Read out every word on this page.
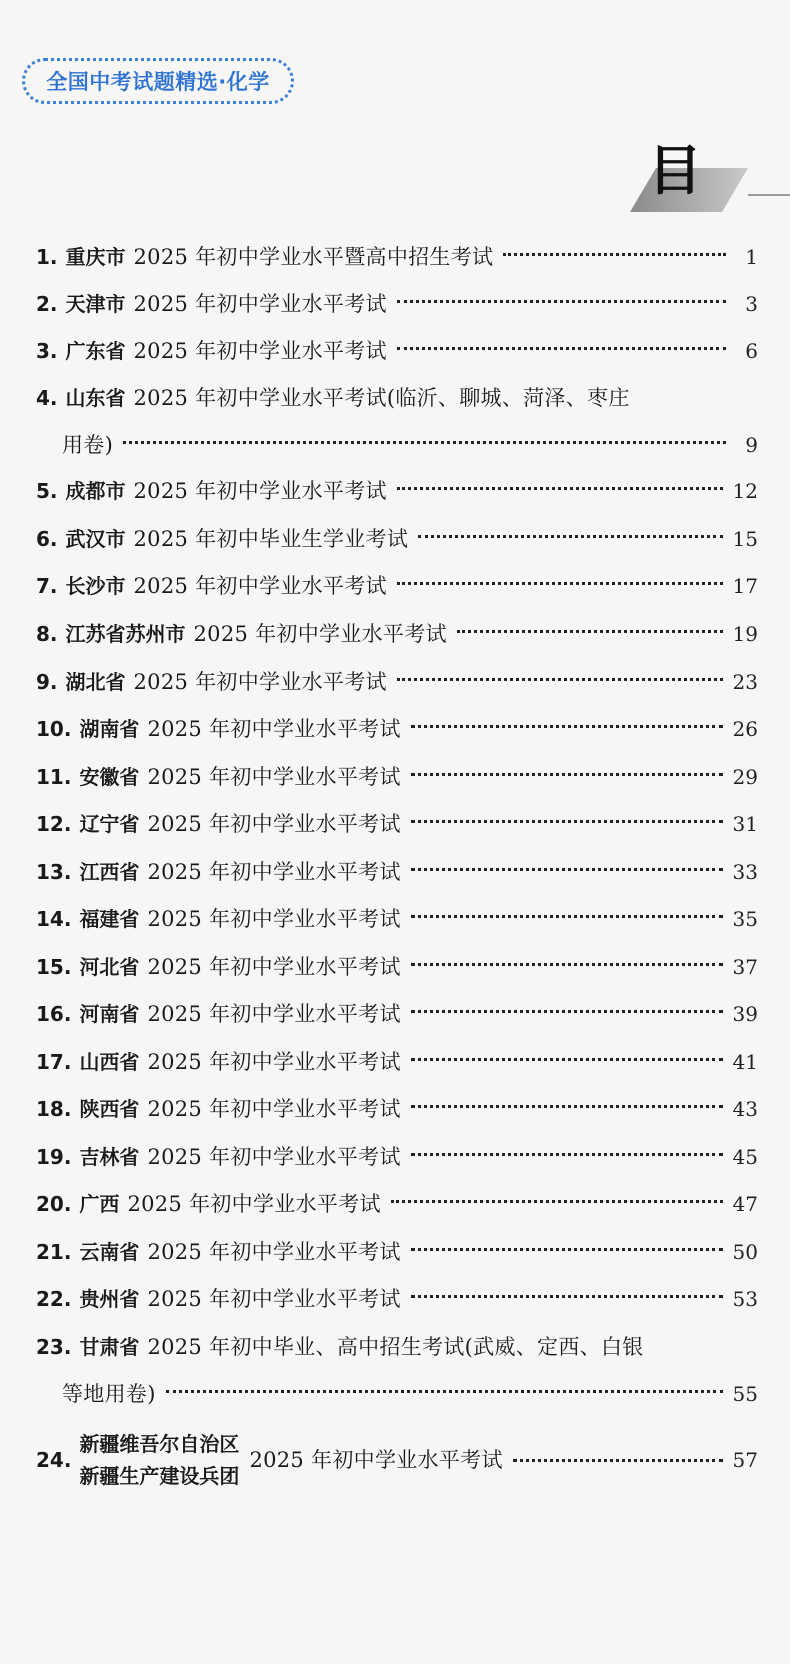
全国中考试题精选·化学
目
1. 重庆市 2025 年初中学业水平暨高中招生考试	1
2. 天津市 2025 年初中学业水平考试	3
3. 广东省 2025 年初中学业水平考试	6
4. 山东省 2025 年初中学业水平考试(临沂、聊城、菏泽、枣庄
用卷)	9
5. 成都市 2025 年初中学业水平考试	12
6. 武汉市 2025 年初中毕业生学业考试	15
7. 长沙市 2025 年初中学业水平考试	17
8. 江苏省苏州市 2025 年初中学业水平考试	19
9. 湖北省 2025 年初中学业水平考试	23
10. 湖南省 2025 年初中学业水平考试	26
11. 安徽省 2025 年初中学业水平考试	29
12. 辽宁省 2025 年初中学业水平考试	31
13. 江西省 2025 年初中学业水平考试	33
14. 福建省 2025 年初中学业水平考试	35
15. 河北省 2025 年初中学业水平考试	37
16. 河南省 2025 年初中学业水平考试	39
17. 山西省 2025 年初中学业水平考试	41
18. 陕西省 2025 年初中学业水平考试	43
19. 吉林省 2025 年初中学业水平考试	45
20. 广西 2025 年初中学业水平考试	47
21. 云南省 2025 年初中学业水平考试	50
22. 贵州省 2025 年初中学业水平考试	53
23. 甘肃省 2025 年初中毕业、高中招生考试(武威、定西、白银
等地用卷)	55
24.
新疆维吾尔自治区
新疆生产建设兵团
2025 年初中学业水平考试	57
